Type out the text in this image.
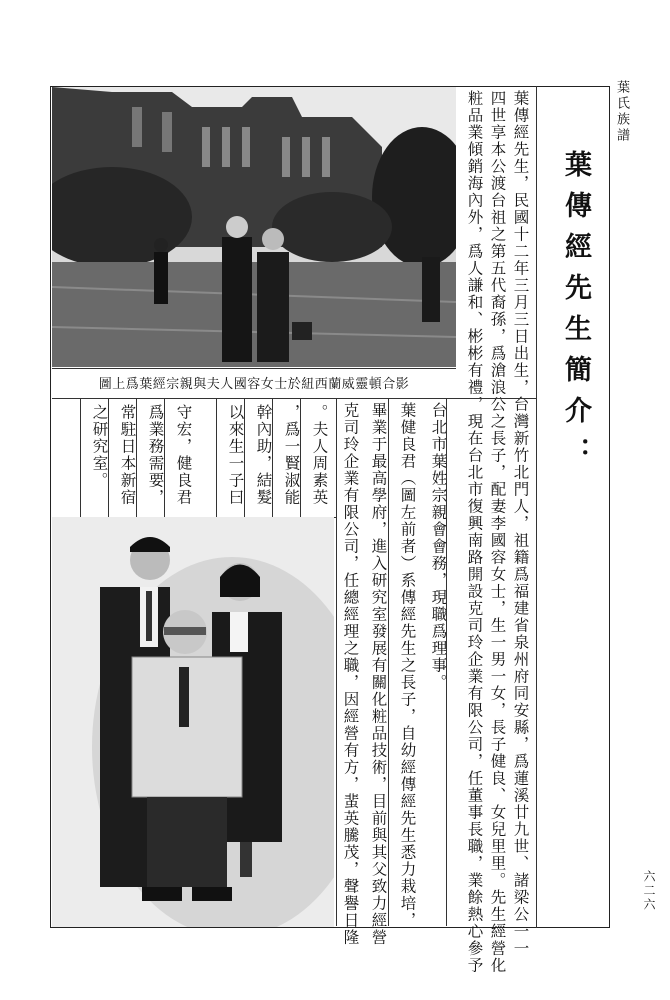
葉氏族譜
六二六
葉傳經先生簡介：
葉傳經先生，民國十二年三月三日出生，台灣新竹北門人，祖籍爲福建省泉州府同安縣，爲蓮溪廿九世、諸梁公一一
四世享本公渡台祖之第五代裔孫，爲滄浪公之長子，配妻李國容女士，生一男一女，長子健良、女兒里里。先生經營化
粧品業傾銷海內外，爲人謙和、彬彬有禮，現在台北市復興南路開設克司玲企業有限公司，任董事長職，業餘熱心參予
台北市葉姓宗親會會務，現職爲理事。
葉健良君（圖左前者）系傳經先生之長子，自幼經傳經先生悉力栽培，
畢業于最高學府，進入研究室發展有關化粧品技術，目前與其父致力經營
克司玲企業有限公司，任總經理之職，因經營有方，蜚英騰茂，聲譽日隆
。夫人周素英
，爲一賢淑能
幹內助，結髮
以來生一子曰
守宏，健良君
爲業務需要，
常駐日本新宿
之研究室。
圖上爲葉經宗親與夫人國容女士於紐西蘭威靈頓合影
